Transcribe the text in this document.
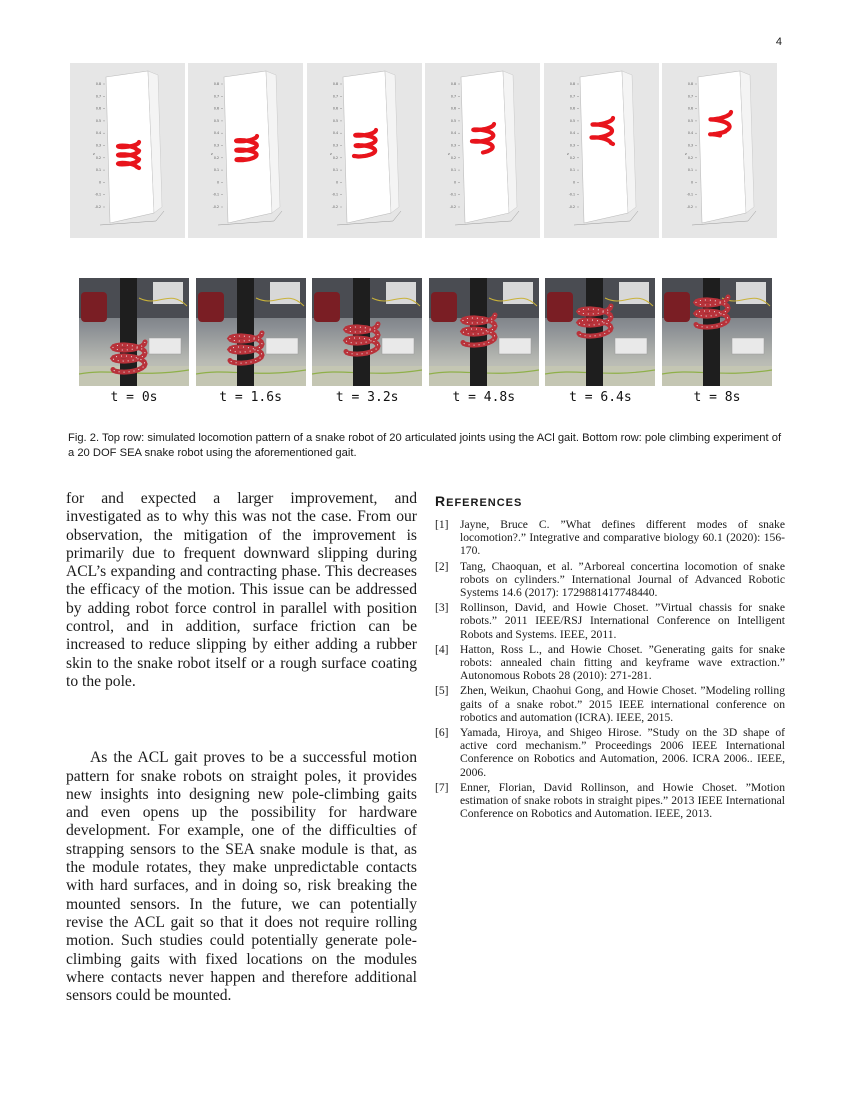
4
0.8
0.7
0.6
0.5
0.4
0.3
0.2
0.1
0
-0.1
-0.2
z
0.8
0.7
0.6
0.5
0.4
0.3
0.2
0.1
0
-0.1
-0.2
z
0.8
0.7
0.6
0.5
0.4
0.3
0.2
0.1
0
-0.1
-0.2
z
0.8
0.7
0.6
0.5
0.4
0.3
0.2
0.1
0
-0.1
-0.2
z
0.8
0.7
0.6
0.5
0.4
0.3
0.2
0.1
0
-0.1
-0.2
z
0.8
0.7
0.6
0.5
0.4
0.3
0.2
0.1
0
-0.1
-0.2
z
t = 0s	t = 1.6s	t = 3.2s	t = 4.8s	t = 6.4s	t = 8s
Fig. 2. Top row: simulated locomotion pattern of a snake robot of 20 articulated joints using the ACl gait. Bottom row: pole climbing experiment of a 20 DOF SEA snake robot using the aforementioned gait.

for and expected a larger improvement, and investigated as to why this was not the case. From our observation, the mitigation of the improvement is primarily due to frequent downward slipping during ACL’s expanding and contracting phase. This decreases the efficacy of the motion. This issue can be addressed by adding robot force control in parallel with position control, and in addition, surface friction can be increased to reduce slipping by either adding a rubber skin to the snake robot itself or a rough surface coating to the pole.

As the ACL gait proves to be a successful motion pattern for snake robots on straight poles, it provides new insights into designing new pole-climbing gaits and even opens up the possibility for hardware development. For example, one of the difficulties of strapping sensors to the SEA snake module is that, as the module rotates, they make unpredictable contacts with hard surfaces, and in doing so, risk breaking the mounted sensors. In the future, we can potentially revise the ACL gait so that it does not require rolling motion. Such studies could potentially generate pole-climbing gaits with fixed locations on the modules where contacts never happen and therefore additional sensors could be mounted.

REFERENCES
[1] Jayne, Bruce C. ”What defines different modes of snake locomotion?.” Integrative and comparative biology 60.1 (2020): 156-170.
[2] Tang, Chaoquan, et al. ”Arboreal concertina locomotion of snake robots on cylinders.” International Journal of Advanced Robotic Systems 14.6 (2017): 1729881417748440.
[3] Rollinson, David, and Howie Choset. ”Virtual chassis for snake robots.” 2011 IEEE/RSJ International Conference on Intelligent Robots and Systems. IEEE, 2011.
[4] Hatton, Ross L., and Howie Choset. ”Generating gaits for snake robots: annealed chain fitting and keyframe wave extraction.” Autonomous Robots 28 (2010): 271-281.
[5] Zhen, Weikun, Chaohui Gong, and Howie Choset. ”Modeling rolling gaits of a snake robot.” 2015 IEEE international conference on robotics and automation (ICRA). IEEE, 2015.
[6] Yamada, Hiroya, and Shigeo Hirose. ”Study on the 3D shape of active cord mechanism.” Proceedings 2006 IEEE International Conference on Robotics and Automation, 2006. ICRA 2006.. IEEE, 2006.
[7] Enner, Florian, David Rollinson, and Howie Choset. ”Motion estimation of snake robots in straight pipes.” 2013 IEEE International Conference on Robotics and Automation. IEEE, 2013.
